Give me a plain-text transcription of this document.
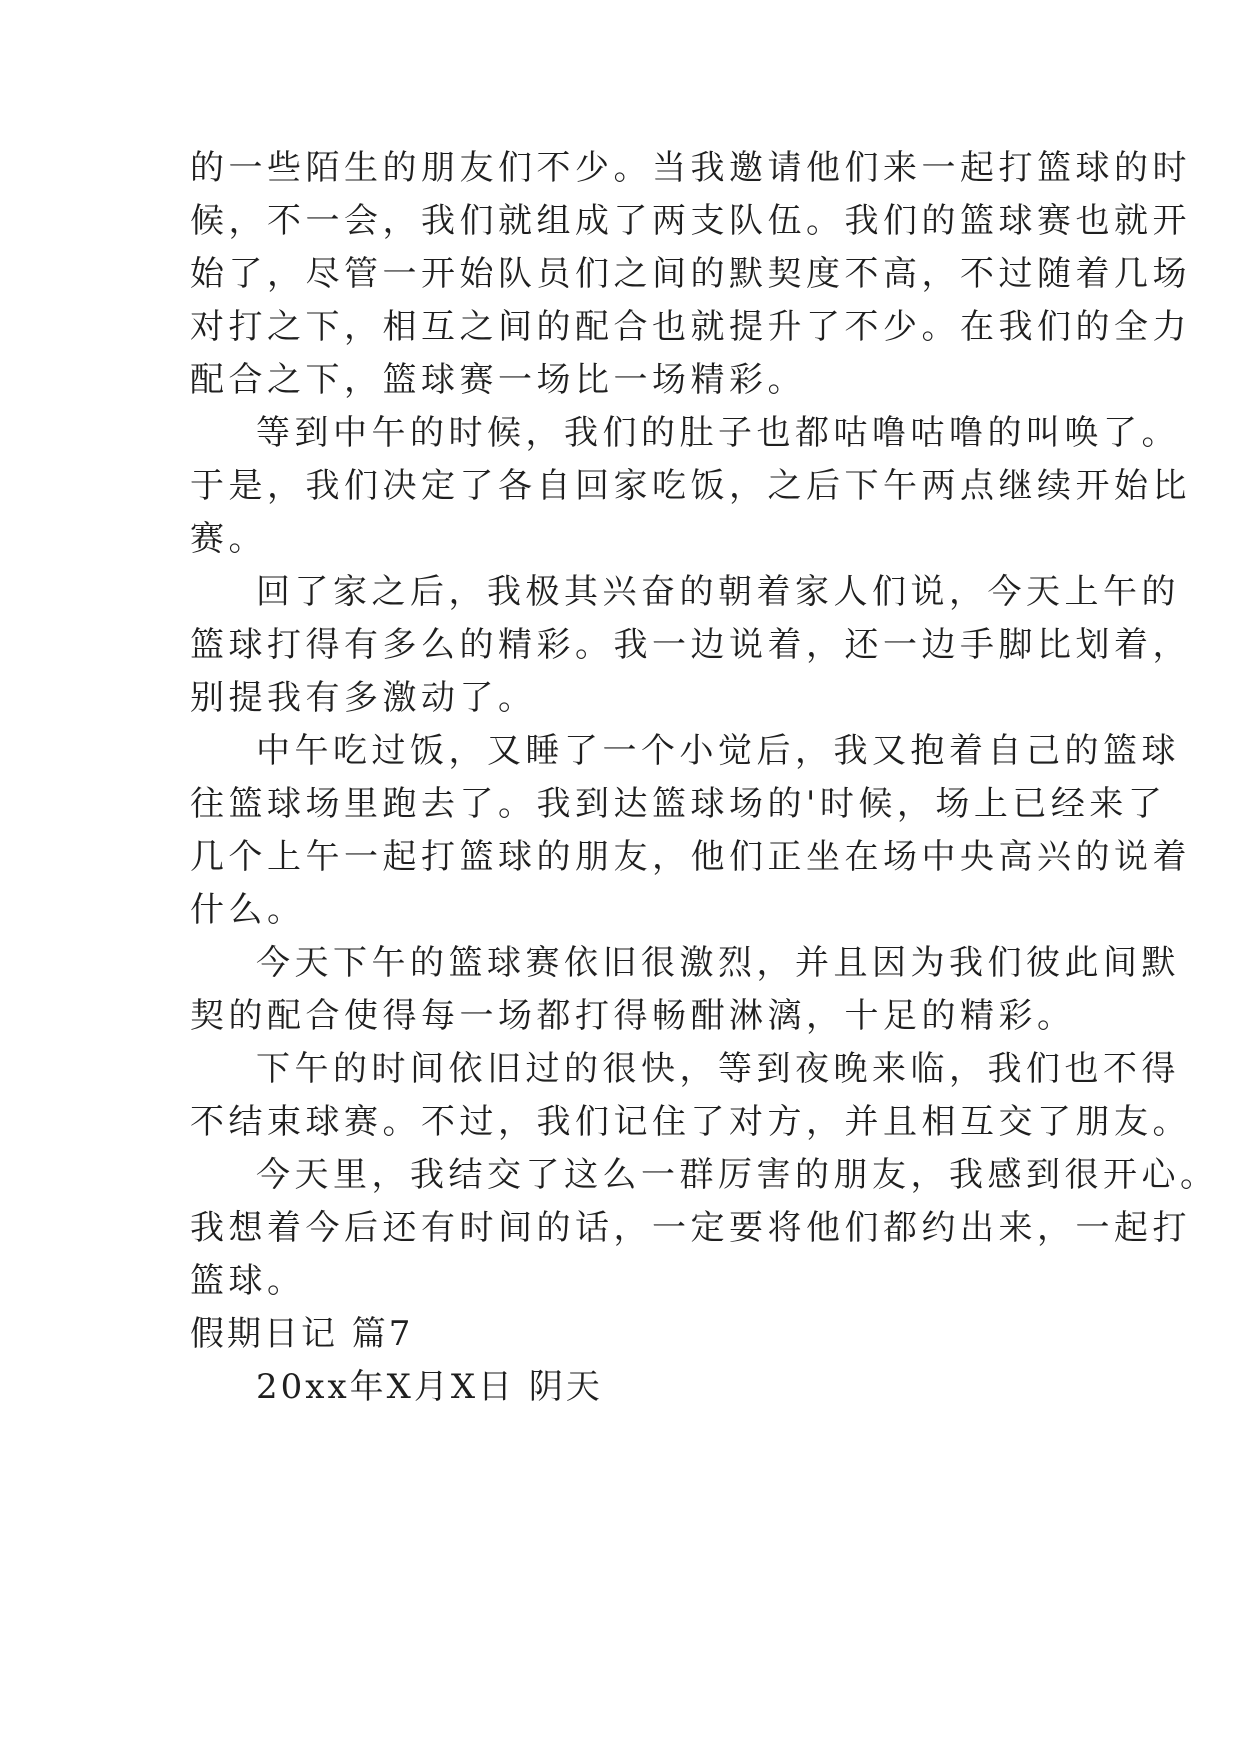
的一些陌生的朋友们不少。当我邀请他们来一起打篮球的时
候，不一会，我们就组成了两支队伍。我们的篮球赛也就开
始了，尽管一开始队员们之间的默契度不高，不过随着几场
对打之下，相互之间的配合也就提升了不少。在我们的全力
配合之下，篮球赛一场比一场精彩。
等到中午的时候，我们的肚子也都咕噜咕噜的叫唤了。
于是，我们决定了各自回家吃饭，之后下午两点继续开始比
赛。
回了家之后，我极其兴奋的朝着家人们说，今天上午的
篮球打得有多么的精彩。我一边说着，还一边手脚比划着，
别提我有多激动了。
中午吃过饭，又睡了一个小觉后，我又抱着自己的篮球
往篮球场里跑去了。我到达篮球场的'时候，场上已经来了
几个上午一起打篮球的朋友，他们正坐在场中央高兴的说着
什么。
今天下午的篮球赛依旧很激烈，并且因为我们彼此间默
契的配合使得每一场都打得畅酣淋漓，十足的精彩。
下午的时间依旧过的很快，等到夜晚来临，我们也不得
不结束球赛。不过，我们记住了对方，并且相互交了朋友。
今天里，我结交了这么一群厉害的朋友，我感到很开心。
我想着今后还有时间的话，一定要将他们都约出来，一起打
篮球。
假期日记 篇7
20xx年X月X日 阴天
